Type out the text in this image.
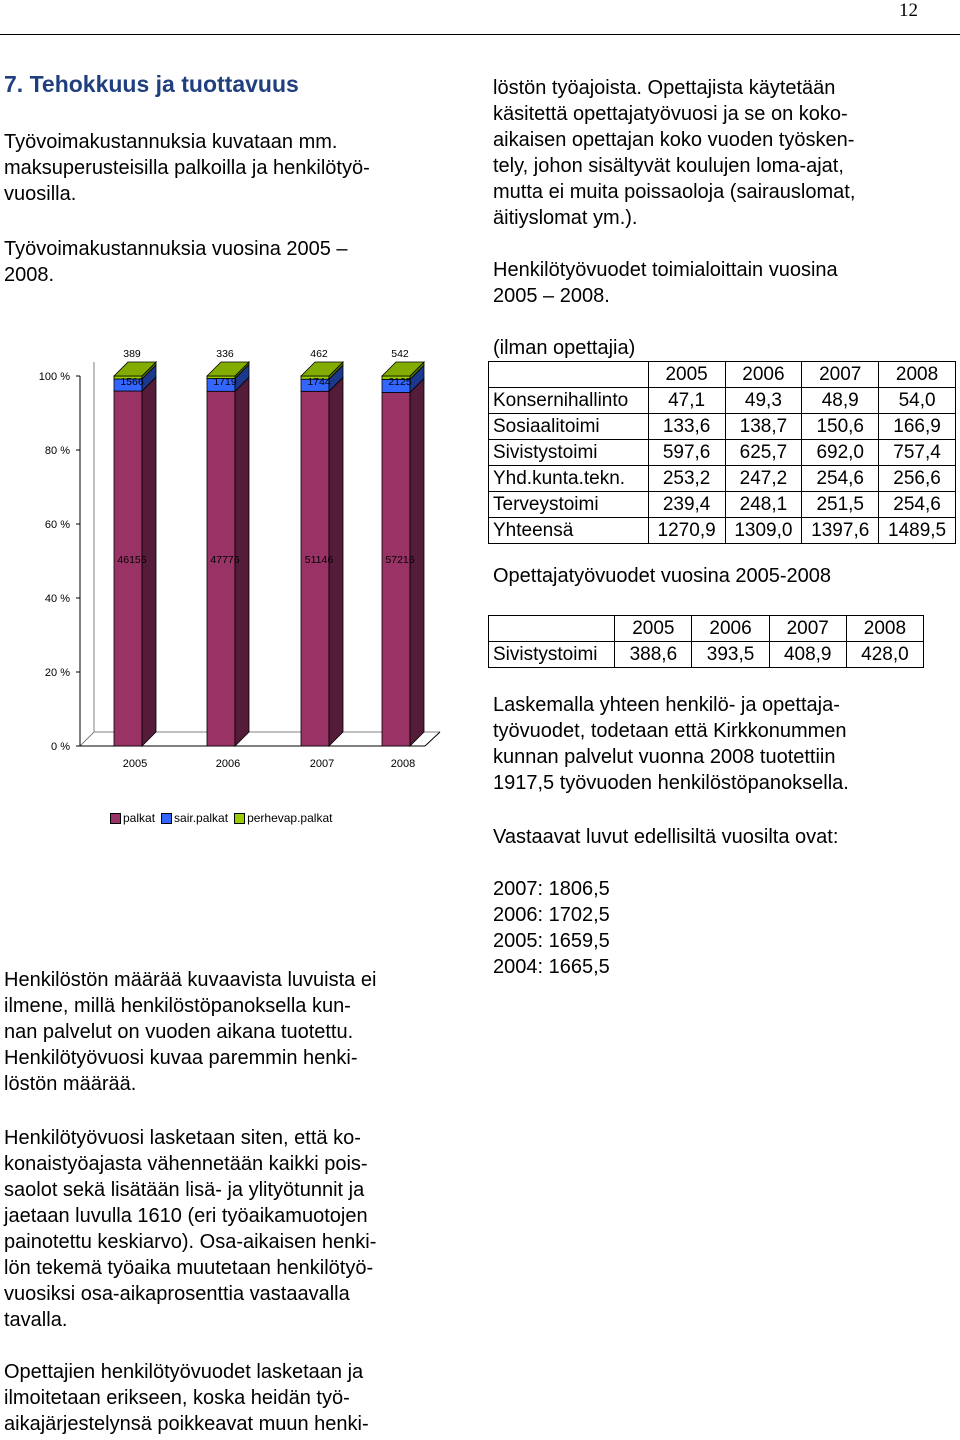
12
7. Tehokkuus ja tuottavuus
Työvoimakustannuksia kuvataan mm.
maksuperusteisilla palkoilla ja henkilötyö-
vuosilla.
Työvoimakustannuksia vuosina 2005 –
2008.
0 %
20 %
40 %
60 %
80 %
100 %
2005
46155
1566
389
2006
47776
1719
336
2007
51146
1744
462
2008
57216
2125
542
palkat sair.palkat perhevap.palkat
Henkilöstön määrää kuvaavista luvuista ei
ilmene, millä henkilöstöpanoksella kun-
nan palvelut on vuoden aikana tuotettu.
Henkilötyövuosi kuvaa paremmin henki-
löstön määrää.
Henkilötyövuosi lasketaan siten, että ko-
konaistyöajasta vähennetään kaikki pois-
saolot sekä lisätään lisä- ja ylityötunnit ja
jaetaan luvulla 1610 (eri työaikamuotojen
painotettu keskiarvo). Osa-aikaisen henki-
lön tekemä työaika muutetaan henkilötyö-
vuosiksi osa-aikaprosenttia vastaavalla
tavalla.
Opettajien henkilötyövuodet lasketaan ja
ilmoitetaan erikseen, koska heidän työ-
aikajärjestelynsä poikkeavat muun henki-
löstön työajoista. Opettajista käytetään
käsitettä opettajatyövuosi ja se on koko-
aikaisen opettajan koko vuoden työsken-
tely, johon sisältyvät koulujen loma-ajat,
mutta ei muita poissaoloja (sairauslomat,
äitiyslomat ym.).
Henkilötyövuodet toimialoittain vuosina
2005 – 2008.
(ilman opettajia)
	2005	2006	2007	2008
Konsernihallinto	47,1	49,3	48,9	54,0
Sosiaalitoimi	133,6	138,7	150,6	166,9
Sivistystoimi	597,6	625,7	692,0	757,4
Yhd.kunta.tekn.	253,2	247,2	254,6	256,6
Terveystoimi	239,4	248,1	251,5	254,6
Yhteensä	1270,9	1309,0	1397,6	1489,5
Opettajatyövuodet vuosina 2005-2008
	2005	2006	2007	2008
Sivistystoimi	388,6	393,5	408,9	428,0
Laskemalla yhteen henkilö- ja opettaja-
työvuodet, todetaan että Kirkkonummen
kunnan palvelut vuonna 2008 tuotettiin
1917,5 työvuoden henkilöstöpanoksella.
Vastaavat luvut edellisiltä vuosilta ovat:
2007: 1806,5
2006: 1702,5
2005: 1659,5
2004: 1665,5
